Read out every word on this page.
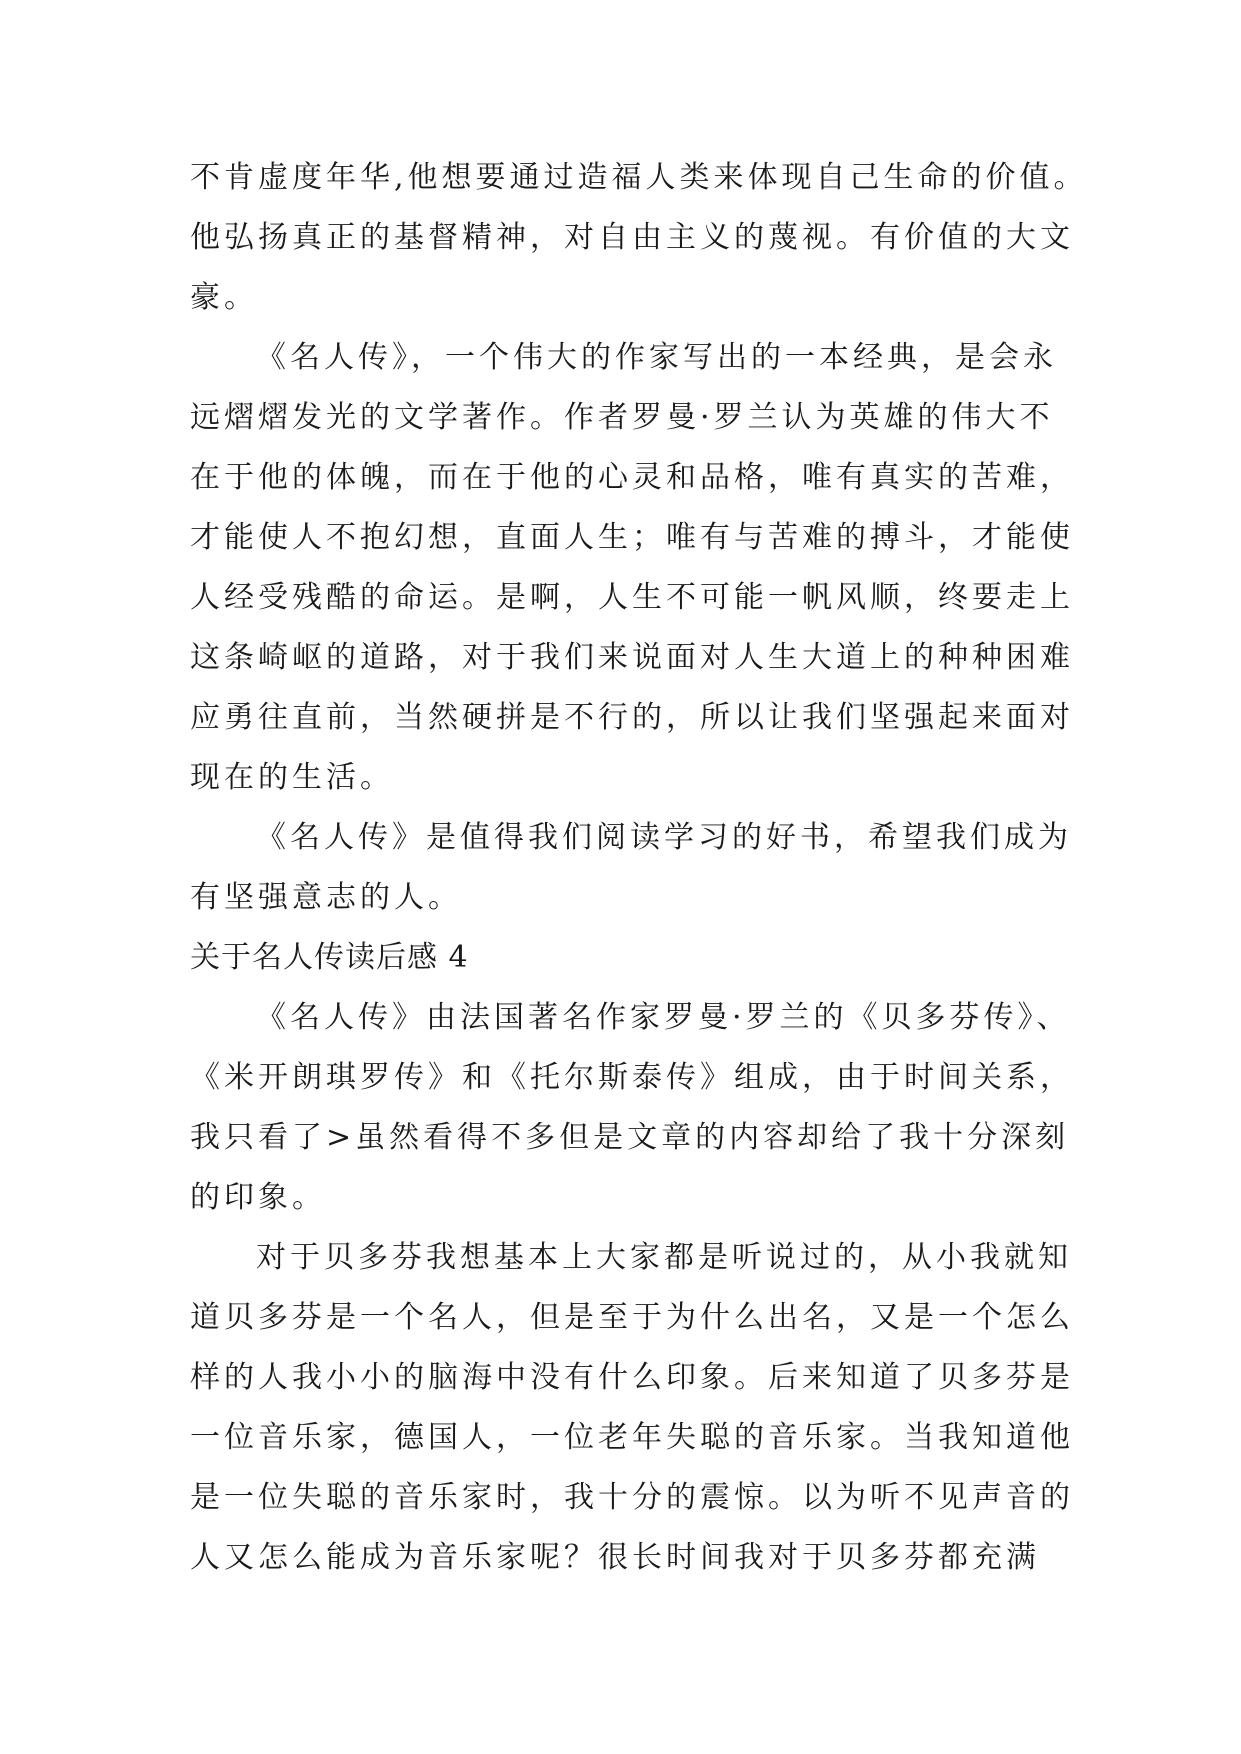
不肯虚度年华,他想要通过造福人类来体现自己生命的价值。
他弘扬真正的基督精神，对自由主义的蔑视。有价值的大文
豪。
《名人传》，一个伟大的作家写出的一本经典，是会永
远熠熠发光的文学著作。作者罗曼·罗兰认为英雄的伟大不
在于他的体魄，而在于他的心灵和品格，唯有真实的苦难，
才能使人不抱幻想，直面人生；唯有与苦难的搏斗，才能使
人经受残酷的命运。是啊，人生不可能一帆风顺，终要走上
这条崎岖的道路，对于我们来说面对人生大道上的种种困难
应勇往直前，当然硬拼是不行的，所以让我们坚强起来面对
现在的生活。
《名人传》是值得我们阅读学习的好书，希望我们成为
有坚强意志的人。
关于名人传读后感 4
《名人传》由法国著名作家罗曼·罗兰的《贝多芬传》、
《米开朗琪罗传》和《托尔斯泰传》组成，由于时间关系，
我只看了>虽然看得不多但是文章的内容却给了我十分深刻
的印象。
对于贝多芬我想基本上大家都是听说过的，从小我就知
道贝多芬是一个名人，但是至于为什么出名，又是一个怎么
样的人我小小的脑海中没有什么印象。后来知道了贝多芬是
一位音乐家，德国人，一位老年失聪的音乐家。当我知道他
是一位失聪的音乐家时，我十分的震惊。以为听不见声音的
人又怎么能成为音乐家呢？很长时间我对于贝多芬都充满
